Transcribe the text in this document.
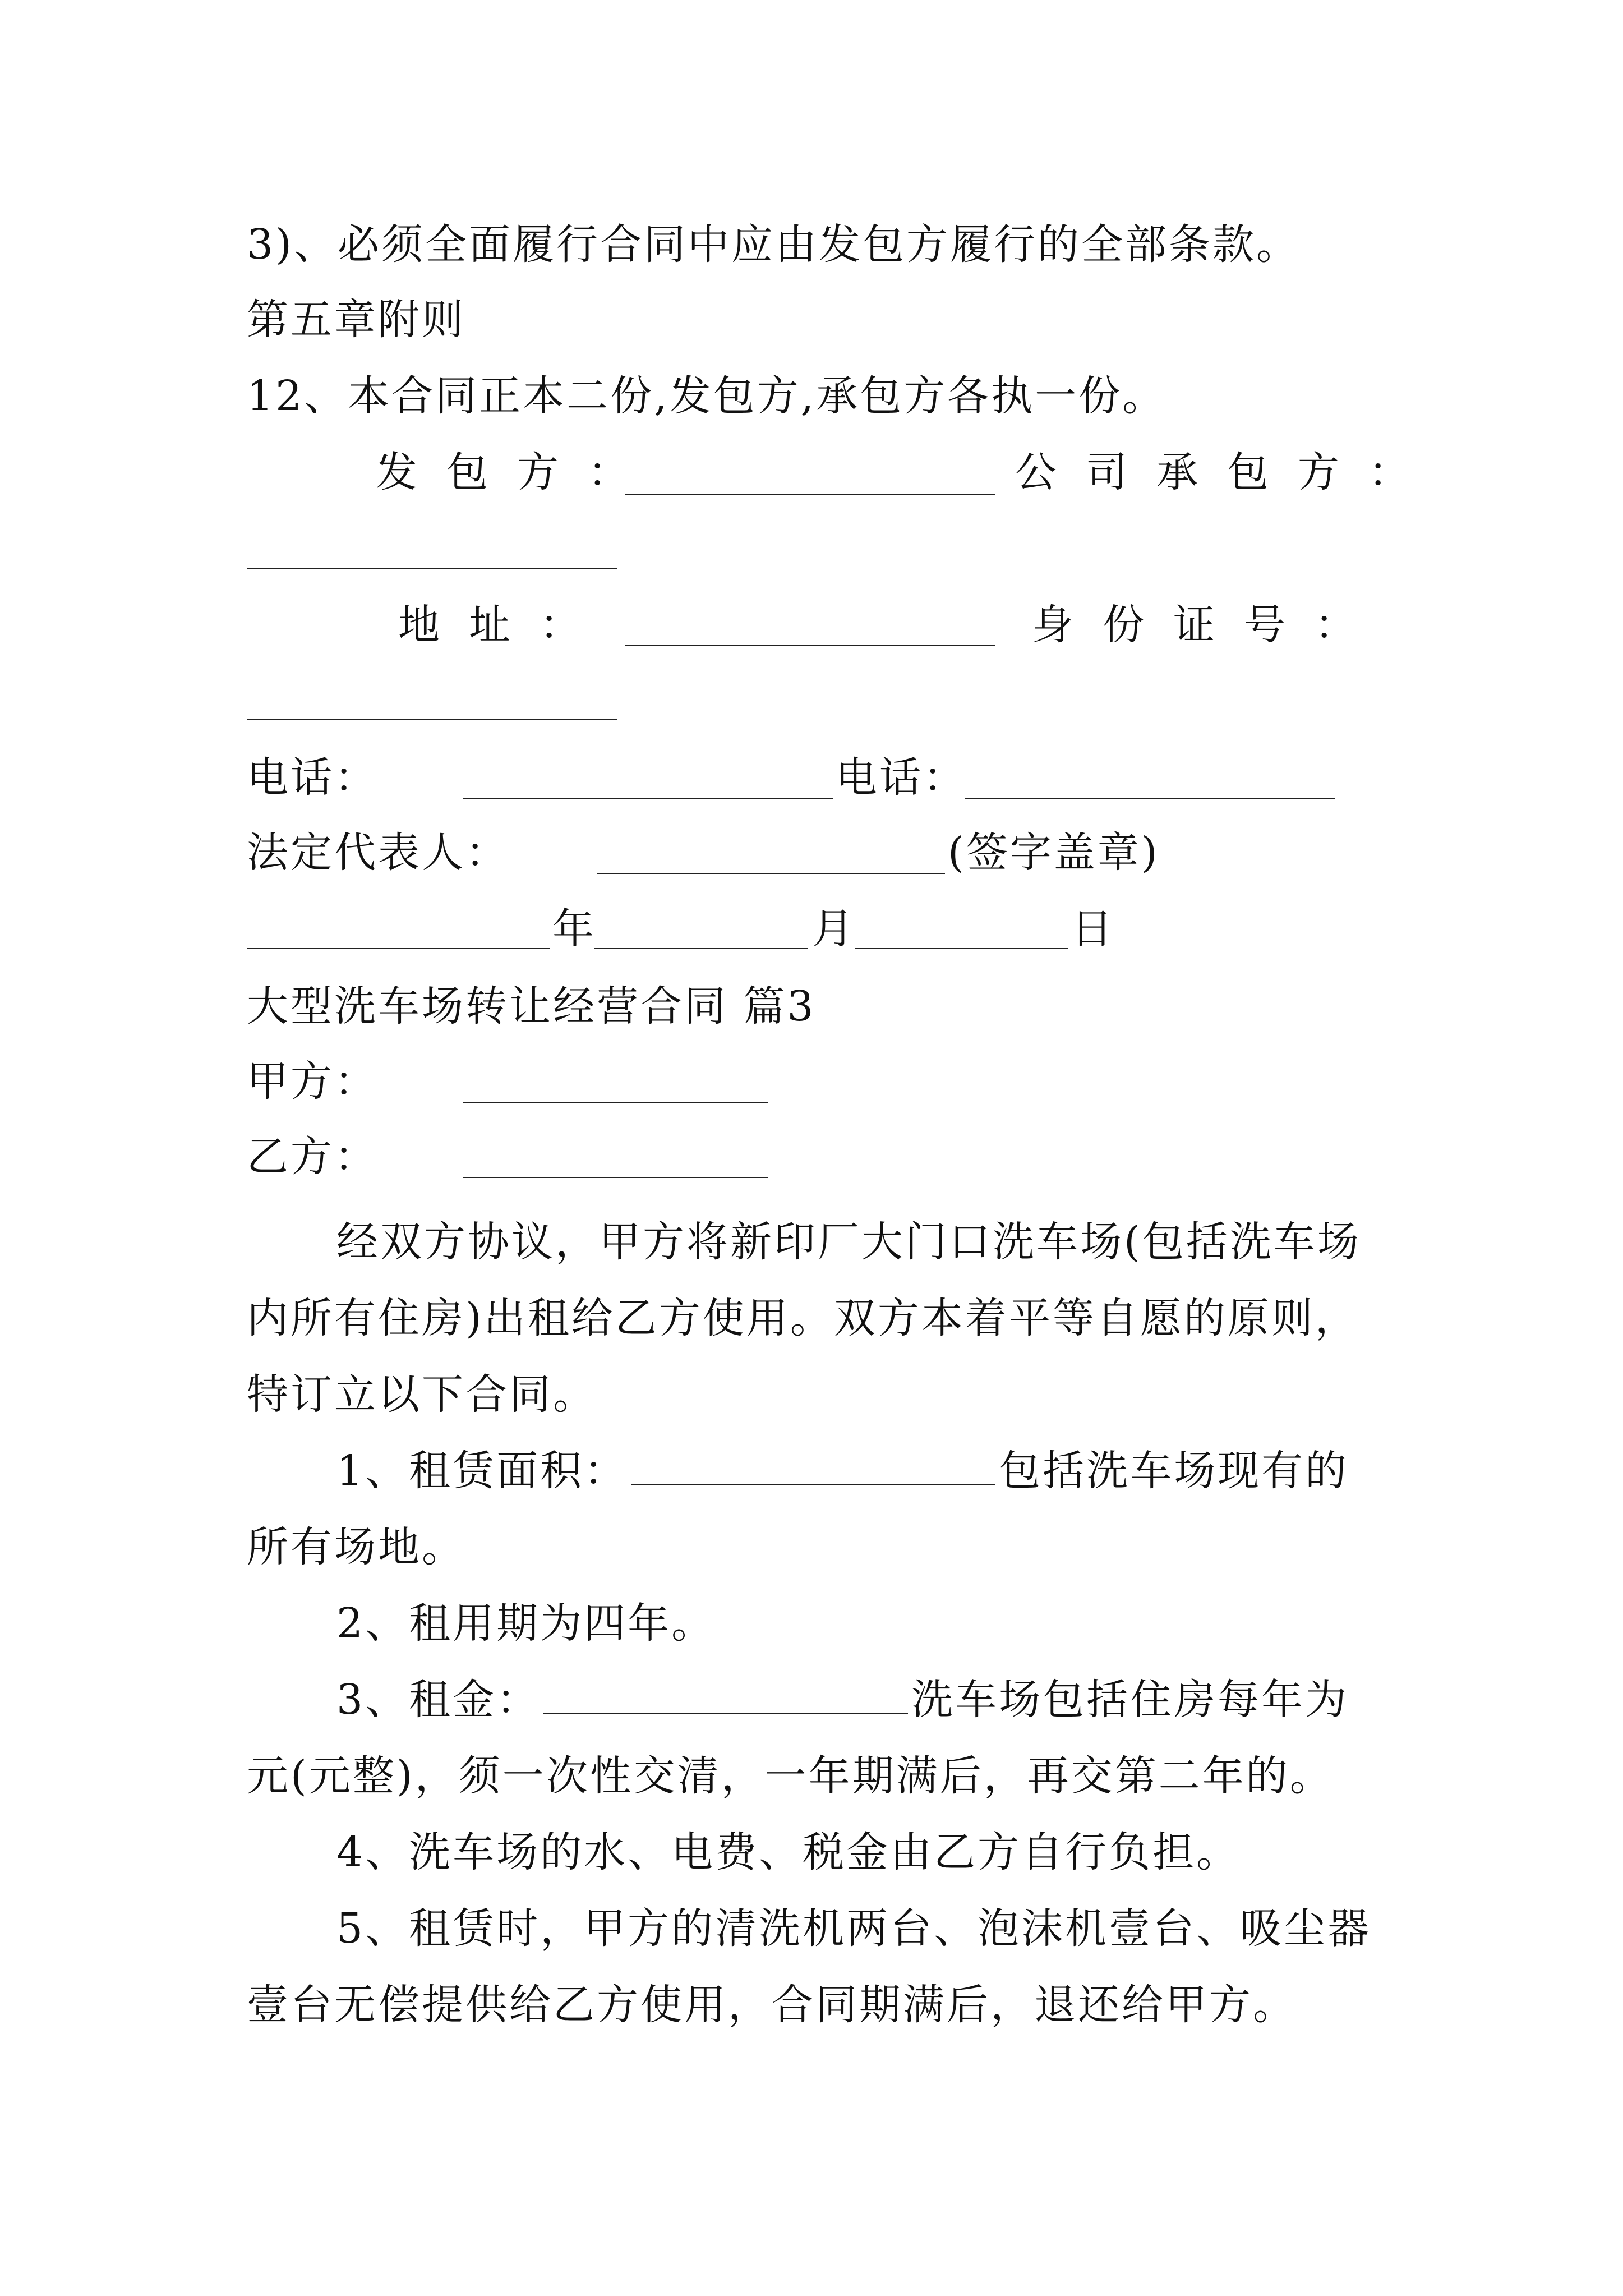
3)、必须全面履行合同中应由发包方履行的全部条款。
第五章附则
12、本合同正本二份,发包方,承包方各执一份。
发包方：	公司承包方：
地址：	身份证号：
电话：	电话：
法定代表人：	(签字盖章)
年	月	日
大型洗车场转让经营合同 篇3
甲方：
乙方：
经双方协议，甲方将新印厂大门口洗车场(包括洗车场内所有住房)出租给乙方使用。双方本着平等自愿的原则，特订立以下合同。
1、租赁面积：	包括洗车场现有的所有场地。
2、租用期为四年。
3、租金：	洗车场包括住房每年为元(元整)，须一次性交清，一年期满后，再交第二年的。
4、洗车场的水、电费、税金由乙方自行负担。
5、租赁时，甲方的清洗机两台、泡沫机壹台、吸尘器壹台无偿提供给乙方使用，合同期满后，退还给甲方。
